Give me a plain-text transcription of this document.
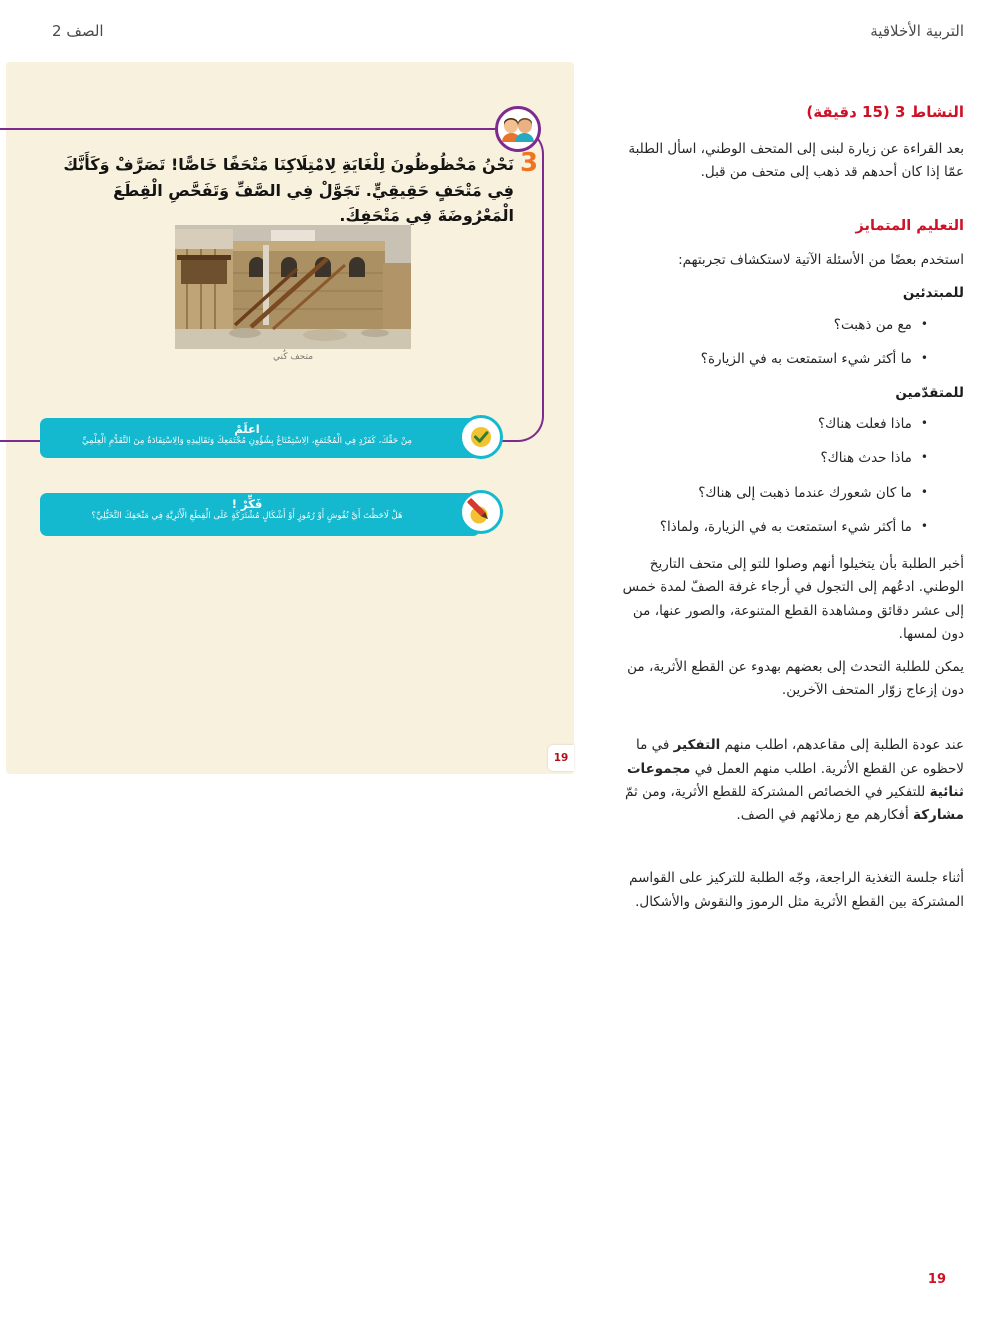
التربية الأخلاقية
الصف 2
3
نَحْنُ مَحْظُوظُونَ لِلْغَايَةِ لِامْتِلَاكِنَا مَتْحَفًا خَاصًّا! تَصَرَّفْ وَكَأَنَّكَ فِي مَتْحَفٍ حَقِيقِيٍّ. تَجَوَّلْ فِي الصَّفِّ وَتَفَحَّصِ الْقِطَعَ الْمَعْرُوضَةَ فِي مَتْحَفِكَ.
متحف كُني
اعلَمْ
مِنْ حَقِّكَ، كَفَرْدٍ فِي الْمُجْتَمَعِ، الِاسْتِمْتَاعُ بِشُؤُونِ مُجْتَمَعِكَ وَتَقَالِيدِهِ وَالِاسْتِفَادَةُ مِنَ التَّقَدُّمِ الْعِلْمِيِّ
فَكِّرْ !
هَلْ لَاحَظْتَ أَيَّ نُقُوشٍ أَوْ رُمُوزٍ أَوْ أَشْكَالٍ مُشْتَرَكَةٍ عَلَى الْقِطَعِ الْأَثَرِيَّةِ فِي مَتْحَفِكَ التَّخَيُّلِيِّ؟
19
النشاط 3 (15 دقيقة)

بعد القراءة عن زيارة لبنى إلى المتحف الوطني، اسأل الطلبة عمّا إذا كان أحدهم قد ذهب إلى متحف من قبل.

التعليم المتمايز

استخدم بعضًا من الأسئلة الآتية لاستكشاف تجربتهم:

للمبتدئين
•
مع من ذهبت؟
•
ما أكثر شيء استمتعت به في الزيارة؟
للمتقدّمين
•
ماذا فعلت هناك؟
•
ماذا حدث هناك؟
•
ما كان شعورك عندما ذهبت إلى هناك؟
•
ما أكثر شيء استمتعت به في الزيارة، ولماذا؟

أخبر الطلبة بأن يتخيلوا أنهم وصلوا للتو إلى متحف التاريخ الوطني. ادعُهم إلى التجول في أرجاء غرفة الصفّ لمدة خمس إلى عشر دقائق ومشاهدة القطع المتنوعة، والصور عنها، من دون لمسها.

يمكن للطلبة التحدث إلى بعضهم بهدوء عن القطع الأثرية، من دون إزعاج زوّار المتحف الآخرين.

عند عودة الطلبة إلى مقاعدهم، اطلب منهم التفكير في ما لاحظوه عن القطع الأثرية. اطلب منهم العمل في مجموعات ثنائية للتفكير في الخصائص المشتركة للقطع الأثرية، ومن ثمّ مشاركة أفكارهم مع زملائهم في الصف.

أثناء جلسة التغذية الراجعة، وجّه الطلبة للتركيز على القواسم المشتركة بين القطع الأثرية مثل الرموز والنقوش والأشكال.

19
